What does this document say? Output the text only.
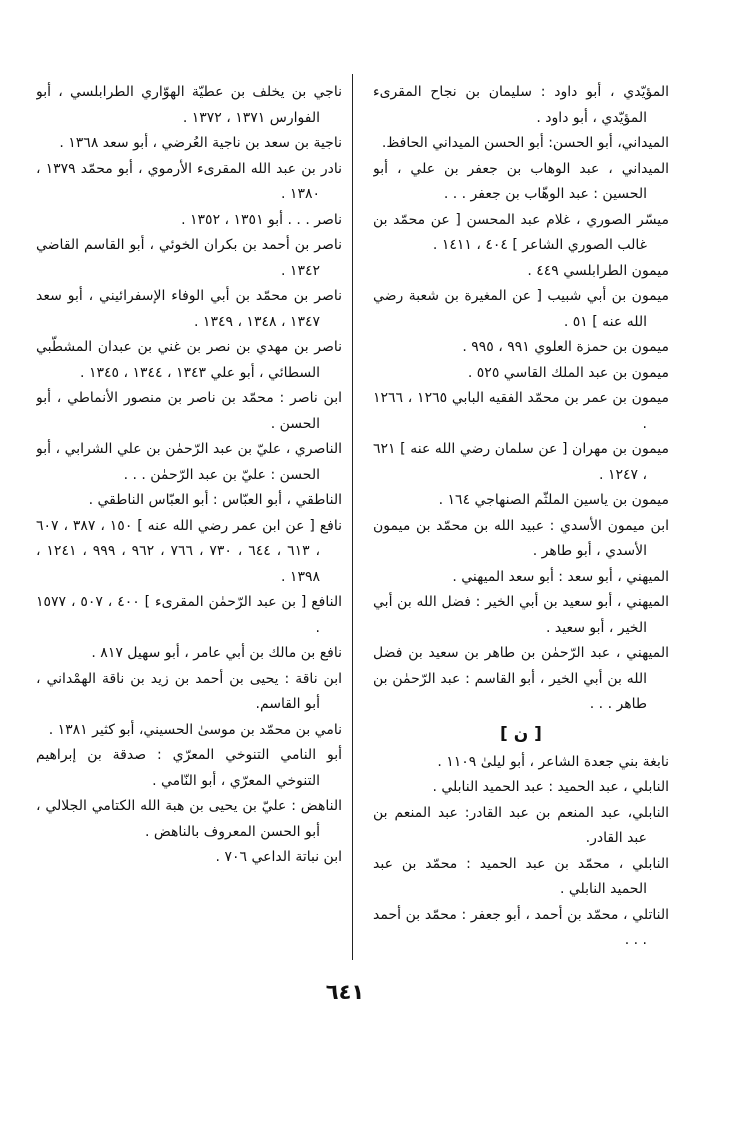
المؤيّدي ، أبو داود : سليمان بن نجاح المقرىء المؤيّدي ، أبو داود .

الميداني، أبو الحسن: أبو الحسن الميداني الحافظ.

الميداني ، عبد الوهاب بن جعفر بن علي ، أبو الحسين : عبد الوهّاب بن جعفر . . .

ميسّر الصوري ، غلام عبد المحسن [ عن محمّد بن غالب الصوري الشاعر ] ٤٠٤ ، ١٤١١ .

ميمون الطرابلسي ٤٤٩ .

ميمون بن أبي شبيب [ عن المغيرة بن شعبة رضي الله عنه ] ٥١ .

ميمون بن حمزة العلوي ٩٩١ ، ٩٩٥ .

ميمون بن عبد الملك القاسي ٥٢٥ .

ميمون بن عمر بن محمّد الفقيه البابي ١٢٦٥ ، ١٢٦٦ .

ميمون بن مهران [ عن سلمان رضي الله عنه ] ٦٢١ ، ١٢٤٧ .

ميمون بن ياسين الملثّم الصنهاجي ١٦٤ .

ابن ميمون الأسدي : عبيد الله بن محمّد بن ميمون الأسدي ، أبو طاهر .

الميهني ، أبو سعد : أبو سعد الميهني .

الميهني ، أبو سعيد بن أبي الخير : فضل الله بن أبي الخير ، أبو سعيد .

الميهني ، عبد الرّحمٰن بن طاهر بن سعيد بن فضل الله بن أبي الخير ، أبو القاسم : عبد الرّحمٰن بن طاهر . . .

[ ن ]

نابغة بني جعدة الشاعر ، أبو ليلىٰ ١١٠٩ .

النابلي ، عبد الحميد : عبد الحميد النابلي .

النابلي، عبد المنعم بن عبد القادر: عبد المنعم بن عبد القادر.

النابلي ، محمّد بن عبد الحميد : محمّد بن عبد الحميد النابلي .

الناتلي ، محمّد بن أحمد ، أبو جعفر : محمّد بن أحمد . . .

ناجي بن يخلف بن عطيّة الهوّاري الطرابلسي ، أبو الفوارس ١٣٧١ ، ١٣٧٢ .

ناجية بن سعد بن ناجية العُرضي ، أبو سعد ١٣٦٨ .

نادر بن عبد الله المقرىء الأرموي ، أبو محمّد ١٣٧٩ ، ١٣٨٠ .

ناصر . . . أبو ١٣٥١ ، ١٣٥٢ .

ناصر بن أحمد بن بكران الخوئي ، أبو القاسم القاضي ١٣٤٢ .

ناصر بن محمّد بن أبي الوفاء الإسفرائيني ، أبو سعد ١٣٤٧ ، ١٣٤٨ ، ١٣٤٩ .

ناصر بن مهدي بن نصر بن غني بن عبدان المشطّبي السطائي ، أبو علي ١٣٤٣ ، ١٣٤٤ ، ١٣٤٥ .

ابن ناصر : محمّد بن ناصر بن منصور الأنماطي ، أبو الحسن .

الناصري ، عليّ بن عبد الرّحمٰن بن علي الشرابي ، أبو الحسن : عليّ بن عبد الرّحمٰن . . .

الناطقي ، أبو العبّاس : أبو العبّاس الناطقي .

نافع [ عن ابن عمر رضي الله عنه ] ١٥٠ ، ٣٨٧ ، ٦٠٧ ، ٦١٣ ، ٦٤٤ ، ٧٣٠ ، ٧٦٦ ، ٩٦٢ ، ٩٩٩ ، ١٢٤١ ، ١٣٩٨ .

النافع [ بن عبد الرّحمٰن المقرىء ] ٤٠٠ ، ٥٠٧ ، ١٥٧٧ .

نافع بن مالك بن أبي عامر ، أبو سهيل ٨١٧ .

ابن ناقة : يحيى بن أحمد بن زيد بن ناقة الهمْداني ، أبو القاسم.

نامي بن محمّد بن موسىٰ الحسيني، أبو كثير ١٣٨١ .

أبو النامي التنوخي المعرّي : صدقة بن إبراهيم التنوخي المعرّي ، أبو النّامي .

الناهض : عليّ بن يحيى بن هبة الله الكتامي الجلالي ، أبو الحسن المعروف بالناهض .

ابن نباتة الداعي ٧٠٦ .

٦٤١
